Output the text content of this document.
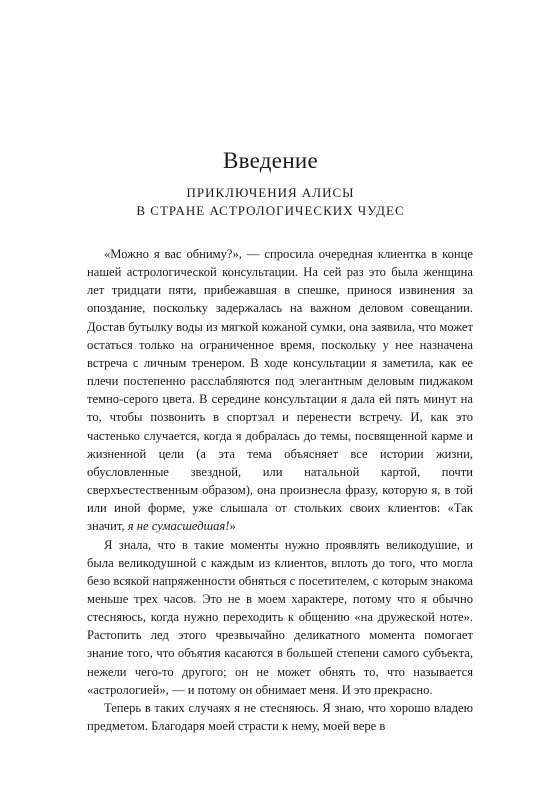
Введение
ПРИКЛЮЧЕНИЯ АЛИСЫ
В СТРАНЕ АСТРОЛОГИЧЕСКИХ ЧУДЕС

«Можно я вас обниму?», — спросила очередная клиентка в конце нашей астрологической консультации. На сей раз это была женщина лет тридцати пяти, прибежавшая в спешке, принося извинения за опоздание, поскольку задержалась на важном деловом совещании. Достав бутылку воды из мягкой кожаной сумки, она заявила, что может остаться только на ограниченное время, поскольку у нее назначена встреча с личным тренером. В ходе консультации я заметила, как ее плечи постепенно расслабляются под элегантным деловым пиджаком темно-серого цвета. В середине консультации я дала ей пять минут на то, чтобы позвонить в спортзал и перенести встречу. И, как это частенько случается, когда я добралась до темы, посвященной карме и жизненной цели (а эта тема объясняет все истории жизни, обусловленные звездной, или натальной картой, почти сверхъестественным образом), она произнесла фразу, которую я, в той или иной форме, уже слышала от стольких своих клиентов: «Так значит, я не сумасшедшая!»

Я знала, что в такие моменты нужно проявлять великодушие, и была великодушной с каждым из клиентов, вплоть до того, что могла безо всякой напряженности обняться с посетителем, с которым знакома меньше трех часов. Это не в моем характере, потому что я обычно стесняюсь, когда нужно переходить к общению «на дружеской ноте». Растопить лед этого чрезвычайно деликатного момента помогает знание того, что объятия касаются в большей степени самого субъекта, нежели чего-то другого; он не может обнять то, что называется «астрологией», — и потому он обнимает меня. И это прекрасно.

Теперь в таких случаях я не стесняюсь. Я знаю, что хорошо владею предметом. Благодаря моей страсти к нему, моей вере в
